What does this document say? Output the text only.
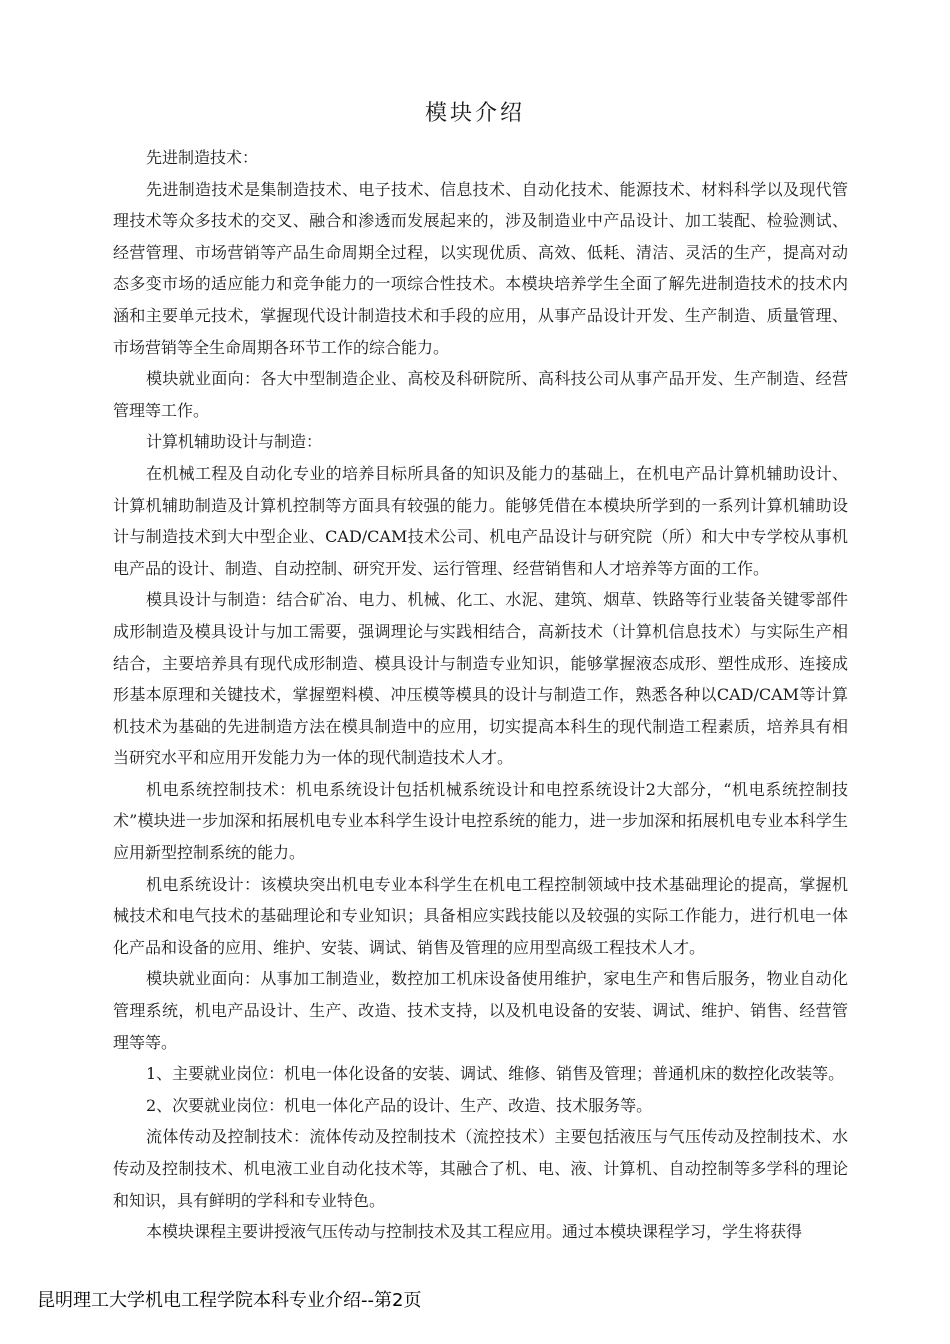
模块介绍

先进制造技术：

先进制造技术是集制造技术、电子技术、信息技术、自动化技术、能源技术、材料科学以及现代管理技术等众多技术的交叉、融合和渗透而发展起来的，涉及制造业中产品设计、加工装配、检验测试、经营管理、市场营销等产品生命周期全过程，以实现优质、高效、低耗、清洁、灵活的生产，提高对动态多变市场的适应能力和竞争能力的一项综合性技术。本模块培养学生全面了解先进制造技术的技术内涵和主要单元技术，掌握现代设计制造技术和手段的应用，从事产品设计开发、生产制造、质量管理、市场营销等全生命周期各环节工作的综合能力。

模块就业面向：各大中型制造企业、高校及科研院所、高科技公司从事产品开发、生产制造、经营管理等工作。

计算机辅助设计与制造：

在机械工程及自动化专业的培养目标所具备的知识及能力的基础上，在机电产品计算机辅助设计、计算机辅助制造及计算机控制等方面具有较强的能力。能够凭借在本模块所学到的一系列计算机辅助设计与制造技术到大中型企业、CAD/CAM技术公司、机电产品设计与研究院（所）和大中专学校从事机电产品的设计、制造、自动控制、研究开发、运行管理、经营销售和人才培养等方面的工作。

模具设计与制造：结合矿冶、电力、机械、化工、水泥、建筑、烟草、铁路等行业装备关键零部件成形制造及模具设计与加工需要，强调理论与实践相结合，高新技术（计算机信息技术）与实际生产相结合，主要培养具有现代成形制造、模具设计与制造专业知识，能够掌握液态成形、塑性成形、连接成形基本原理和关键技术，掌握塑料模、冲压模等模具的设计与制造工作，熟悉各种以CAD/CAM等计算机技术为基础的先进制造方法在模具制造中的应用，切实提高本科生的现代制造工程素质，培养具有相当研究水平和应用开发能力为一体的现代制造技术人才。

机电系统控制技术：机电系统设计包括机械系统设计和电控系统设计2大部分，“机电系统控制技术”模块进一步加深和拓展机电专业本科学生设计电控系统的能力，进一步加深和拓展机电专业本科学生应用新型控制系统的能力。

机电系统设计：该模块突出机电专业本科学生在机电工程控制领域中技术基础理论的提高，掌握机械技术和电气技术的基础理论和专业知识；具备相应实践技能以及较强的实际工作能力，进行机电一体化产品和设备的应用、维护、安装、调试、销售及管理的应用型高级工程技术人才。

模块就业面向：从事加工制造业，数控加工机床设备使用维护，家电生产和售后服务，物业自动化管理系统，机电产品设计、生产、改造、技术支持，以及机电设备的安装、调试、维护、销售、经营管理等等。

1、主要就业岗位：机电一体化设备的安装、调试、维修、销售及管理；普通机床的数控化改装等。

2、次要就业岗位：机电一体化产品的设计、生产、改造、技术服务等。

流体传动及控制技术：流体传动及控制技术（流控技术）主要包括液压与气压传动及控制技术、水传动及控制技术、机电液工业自动化技术等，其融合了机、电、液、计算机、自动控制等多学科的理论和知识，具有鲜明的学科和专业特色。

本模块课程主要讲授液气压传动与控制技术及其工程应用。通过本模块课程学习，学生将获得

昆明理工大学机电工程学院本科专业介绍--第2页
